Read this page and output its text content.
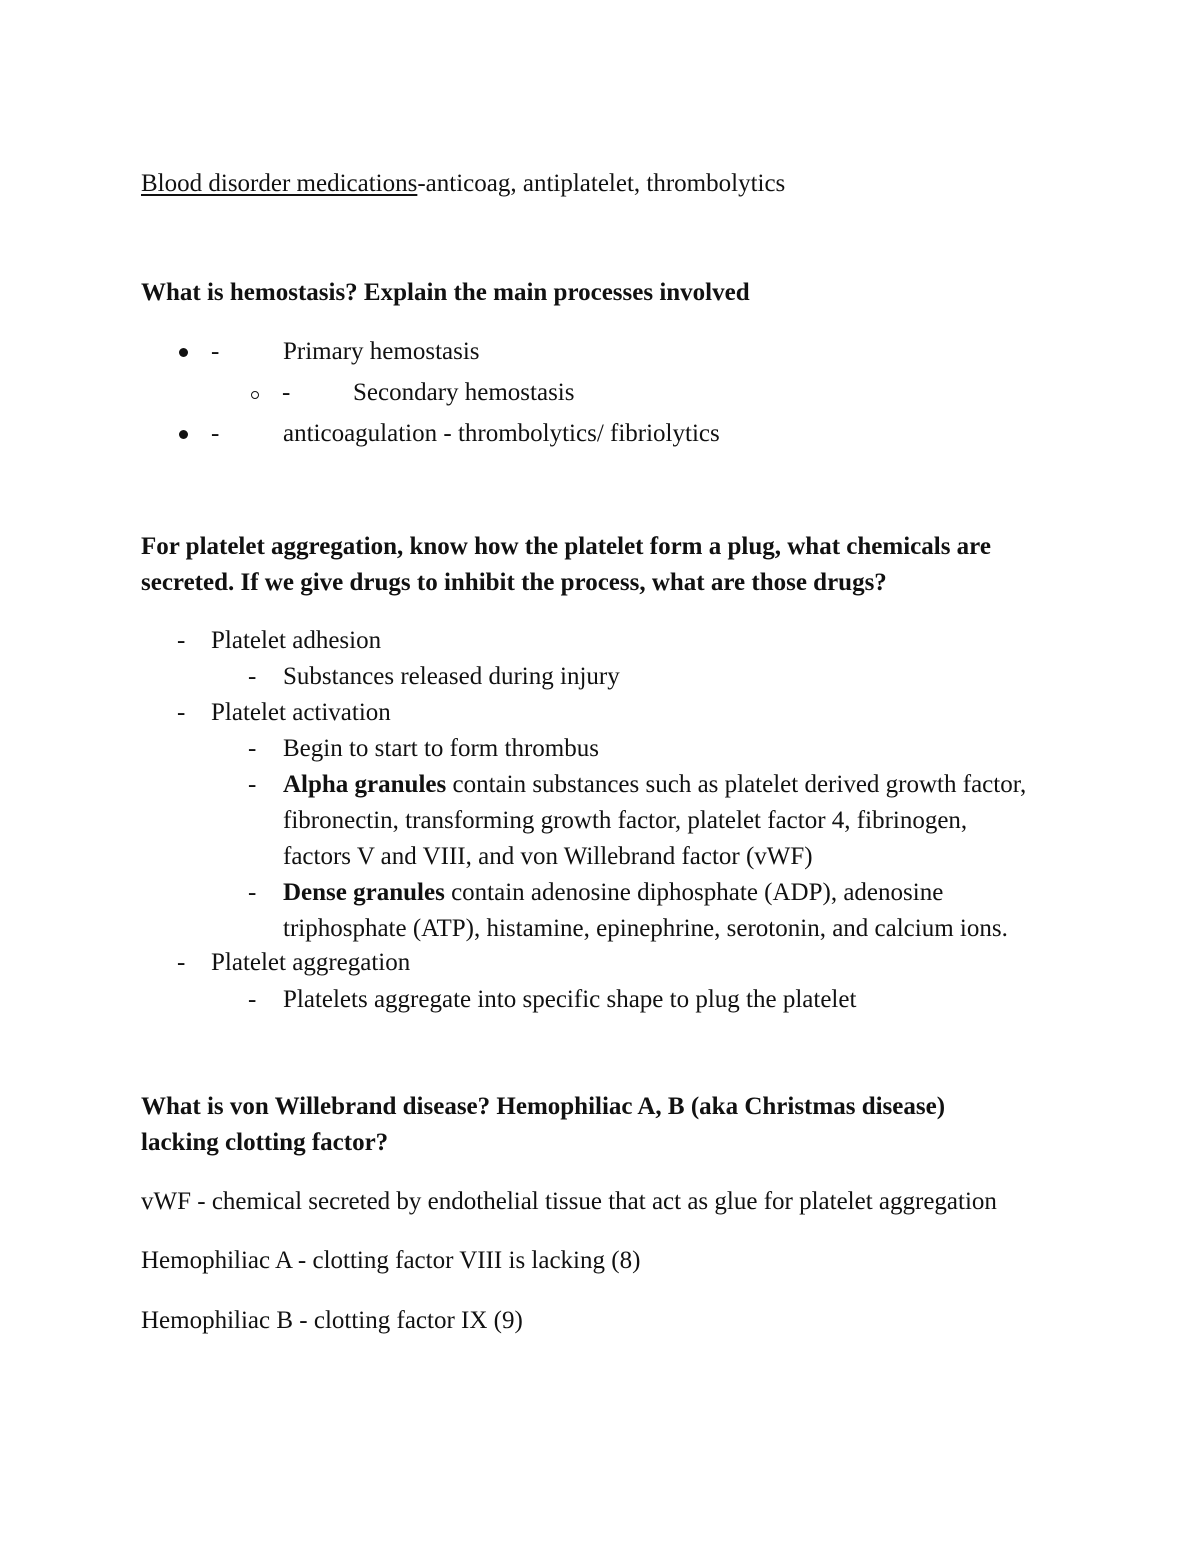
Blood disorder medications-anticoag, antiplatelet, thrombolytics
What is hemostasis? Explain the main processes involved
-	Primary hemostasis
-	Secondary hemostasis
-	anticoagulation - thrombolytics/ fibriolytics
For platelet aggregation, know how the platelet form a plug, what chemicals are
secreted. If we give drugs to inhibit the process, what are those drugs?
- Platelet adhesion
- Substances released during injury
- Platelet activation
- Begin to start to form thrombus
- Alpha granules contain substances such as platelet derived growth factor,
fibronectin, transforming growth factor, platelet factor 4, fibrinogen,
factors V and VIII, and von Willebrand factor (vWF)
- Dense granules contain adenosine diphosphate (ADP), adenosine
triphosphate (ATP), histamine, epinephrine, serotonin, and calcium ions.
- Platelet aggregation
- Platelets aggregate into specific shape to plug the platelet
What is von Willebrand disease? Hemophiliac A, B (aka Christmas disease)
lacking clotting factor?
vWF - chemical secreted by endothelial tissue that act as glue for platelet aggregation
Hemophiliac A - clotting factor VIII is lacking (8)
Hemophiliac B - clotting factor IX (9)
